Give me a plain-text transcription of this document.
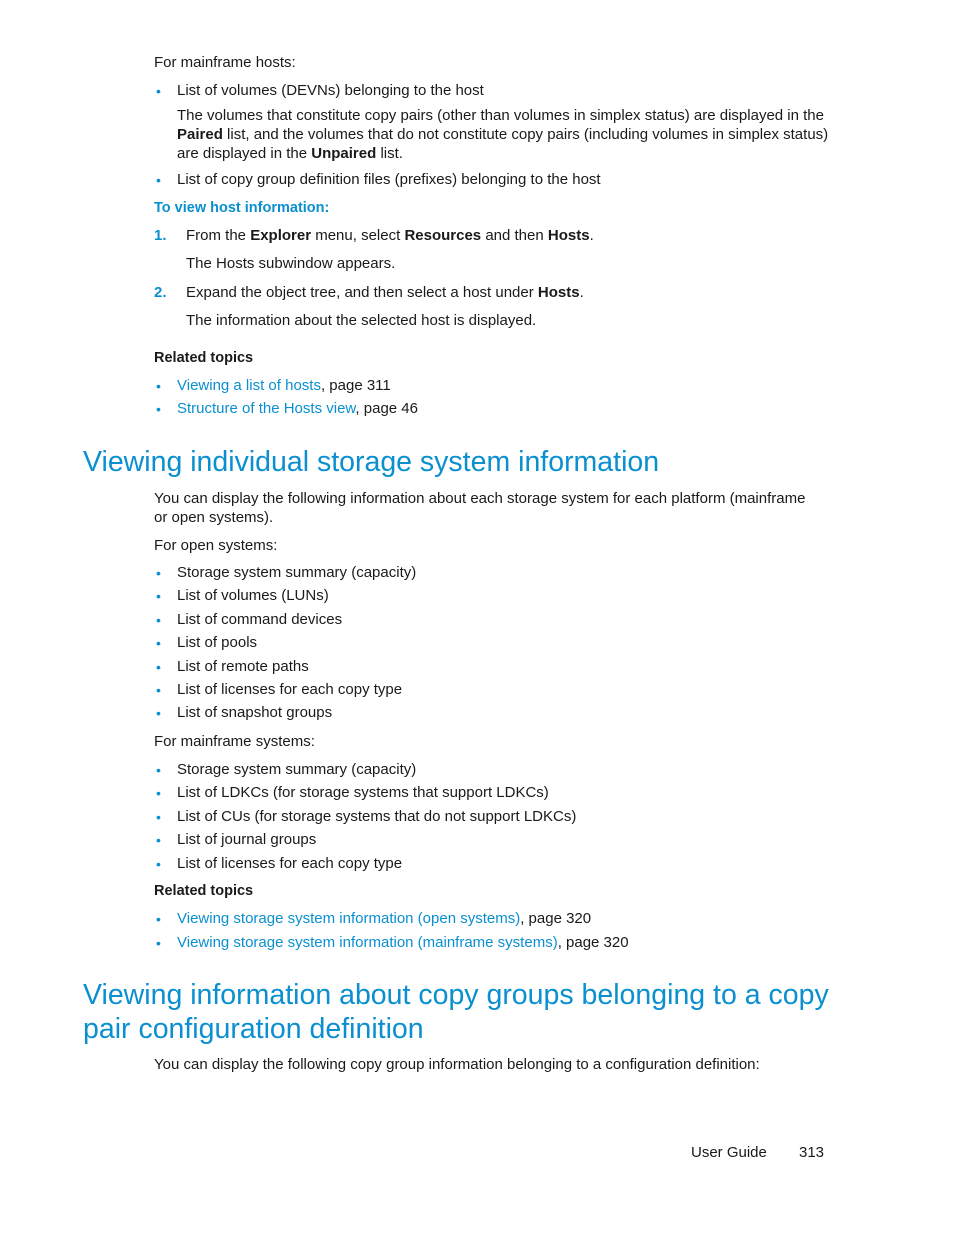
For mainframe hosts:
• List of volumes (DEVNs) belonging to the host
The volumes that constitute copy pairs (other than volumes in simplex status) are displayed in the
Paired list, and the volumes that do not constitute copy pairs (including volumes in simplex status)
are displayed in the Unpaired list.
• List of copy group definition files (prefixes) belonging to the host
To view host information:
1. From the Explorer menu, select Resources and then Hosts.
The Hosts subwindow appears.
2. Expand the object tree, and then select a host under Hosts.
The information about the selected host is displayed.
Related topics
• Viewing a list of hosts, page 311
• Structure of the Hosts view, page 46
Viewing individual storage system information
You can display the following information about each storage system for each platform (mainframe
or open systems).
For open systems:
• Storage system summary (capacity)
• List of volumes (LUNs)
• List of command devices
• List of pools
• List of remote paths
• List of licenses for each copy type
• List of snapshot groups
For mainframe systems:
• Storage system summary (capacity)
• List of LDKCs (for storage systems that support LDKCs)
• List of CUs (for storage systems that do not support LDKCs)
• List of journal groups
• List of licenses for each copy type
Related topics
• Viewing storage system information (open systems), page 320
• Viewing storage system information (mainframe systems), page 320
Viewing information about copy groups belonging to a copy
pair configuration definition
You can display the following copy group information belonging to a configuration definition:
User Guide 313
